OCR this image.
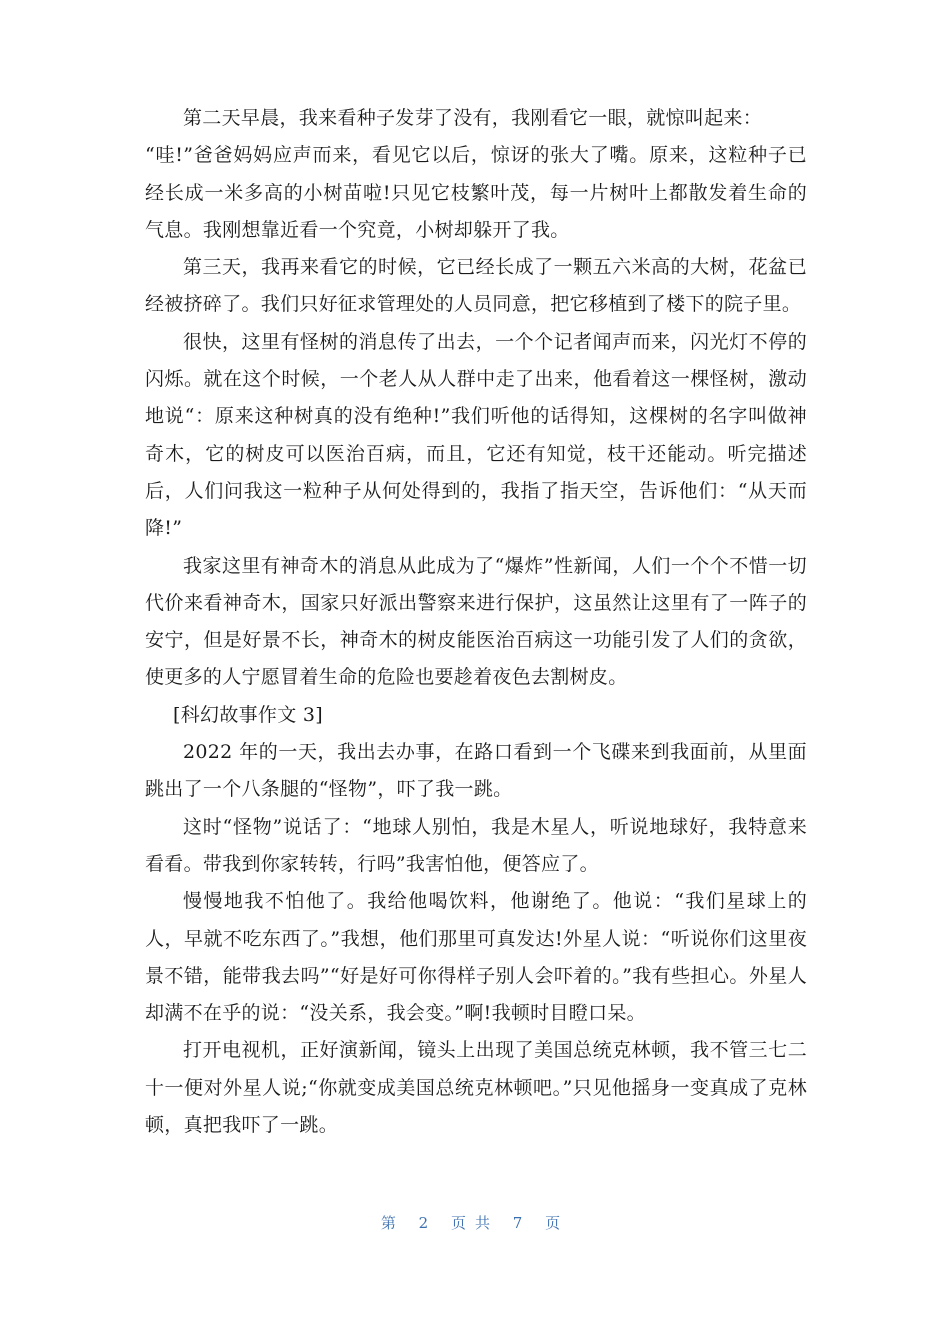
第二天早晨，我来看种子发芽了没有，我刚看它一眼，就惊叫起来：

“哇!”爸爸妈妈应声而来，看见它以后，惊讶的张大了嘴。原来，这粒种子已经长成一米多高的小树苗啦!只见它枝繁叶茂，每一片树叶上都散发着生命的气息。我刚想靠近看一个究竟，小树却躲开了我。

第三天，我再来看它的时候，它已经长成了一颗五六米高的大树，花盆已经被挤碎了。我们只好征求管理处的人员同意，把它移植到了楼下的院子里。

很快，这里有怪树的消息传了出去，一个个记者闻声而来，闪光灯不停的闪烁。就在这个时候，一个老人从人群中走了出来，他看着这一棵怪树，激动地说“：原来这种树真的没有绝种!”我们听他的话得知，这棵树的名字叫做神奇木，它的树皮可以医治百病，而且，它还有知觉，枝干还能动。听完描述后，人们问我这一粒种子从何处得到的，我指了指天空，告诉他们：“从天而降!”

我家这里有神奇木的消息从此成为了“爆炸”性新闻，人们一个个不惜一切代价来看神奇木，国家只好派出警察来进行保护，这虽然让这里有了一阵子的安宁，但是好景不长，神奇木的树皮能医治百病这一功能引发了人们的贪欲，使更多的人宁愿冒着生命的危险也要趁着夜色去割树皮。

[科幻故事作文 3]

2022 年的一天，我出去办事，在路口看到一个飞碟来到我面前，从里面跳出了一个八条腿的“怪物”，吓了我一跳。

这时“怪物”说话了：“地球人别怕，我是木星人，听说地球好，我特意来看看。带我到你家转转，行吗”我害怕他，便答应了。

慢慢地我不怕他了。我给他喝饮料，他谢绝了。他说：“我们星球上的人，早就不吃东西了。”我想，他们那里可真发达!外星人说：“听说你们这里夜景不错，能带我去吗”“好是好可你得样子别人会吓着的。”我有些担心。外星人却满不在乎的说：“没关系，我会变。”啊!我顿时目瞪口呆。

打开电视机，正好演新闻，镜头上出现了美国总统克林顿，我不管三七二十一便对外星人说;“你就变成美国总统克林顿吧。”只见他摇身一变真成了克林顿，真把我吓了一跳。

第 2 页共 7 页
